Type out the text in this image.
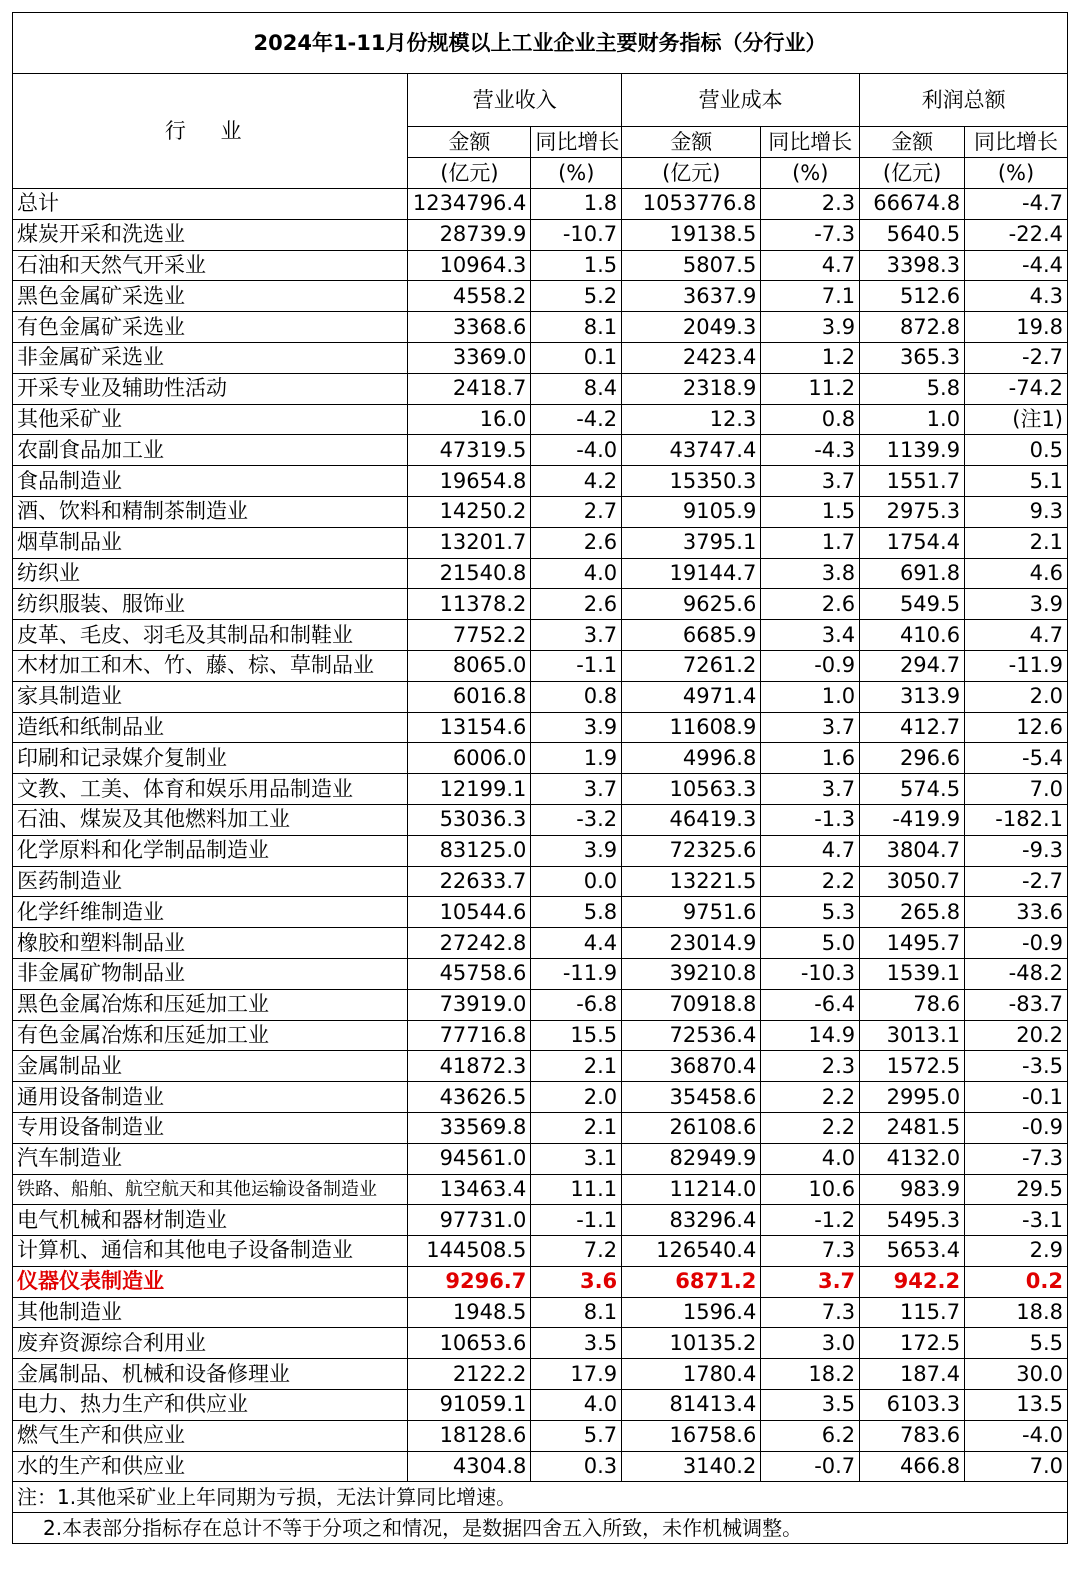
2024年1-11月份规模以上工业企业主要财务指标（分行业）						
行 业	营业收入		营业成本		利润总额	
	金额	同比增长	金额	同比增长	金额	同比增长
	(亿元)	(%)	(亿元)	(%)	(亿元)	(%)
总计	1234796.4	1.8	1053776.8	2.3	66674.8	-4.7
煤炭开采和洗选业	28739.9	-10.7	19138.5	-7.3	5640.5	-22.4
石油和天然气开采业	10964.3	1.5	5807.5	4.7	3398.3	-4.4
黑色金属矿采选业	4558.2	5.2	3637.9	7.1	512.6	4.3
有色金属矿采选业	3368.6	8.1	2049.3	3.9	872.8	19.8
非金属矿采选业	3369.0	0.1	2423.4	1.2	365.3	-2.7
开采专业及辅助性活动	2418.7	8.4	2318.9	11.2	5.8	-74.2
其他采矿业	16.0	-4.2	12.3	0.8	1.0	(注1)
农副食品加工业	47319.5	-4.0	43747.4	-4.3	1139.9	0.5
食品制造业	19654.8	4.2	15350.3	3.7	1551.7	5.1
酒、饮料和精制茶制造业	14250.2	2.7	9105.9	1.5	2975.3	9.3
烟草制品业	13201.7	2.6	3795.1	1.7	1754.4	2.1
纺织业	21540.8	4.0	19144.7	3.8	691.8	4.6
纺织服装、服饰业	11378.2	2.6	9625.6	2.6	549.5	3.9
皮革、毛皮、羽毛及其制品和制鞋业	7752.2	3.7	6685.9	3.4	410.6	4.7
木材加工和木、竹、藤、棕、草制品业	8065.0	-1.1	7261.2	-0.9	294.7	-11.9
家具制造业	6016.8	0.8	4971.4	1.0	313.9	2.0
造纸和纸制品业	13154.6	3.9	11608.9	3.7	412.7	12.6
印刷和记录媒介复制业	6006.0	1.9	4996.8	1.6	296.6	-5.4
文教、工美、体育和娱乐用品制造业	12199.1	3.7	10563.3	3.7	574.5	7.0
石油、煤炭及其他燃料加工业	53036.3	-3.2	46419.3	-1.3	-419.9	-182.1
化学原料和化学制品制造业	83125.0	3.9	72325.6	4.7	3804.7	-9.3
医药制造业	22633.7	0.0	13221.5	2.2	3050.7	-2.7
化学纤维制造业	10544.6	5.8	9751.6	5.3	265.8	33.6
橡胶和塑料制品业	27242.8	4.4	23014.9	5.0	1495.7	-0.9
非金属矿物制品业	45758.6	-11.9	39210.8	-10.3	1539.1	-48.2
黑色金属冶炼和压延加工业	73919.0	-6.8	70918.8	-6.4	78.6	-83.7
有色金属冶炼和压延加工业	77716.8	15.5	72536.4	14.9	3013.1	20.2
金属制品业	41872.3	2.1	36870.4	2.3	1572.5	-3.5
通用设备制造业	43626.5	2.0	35458.6	2.2	2995.0	-0.1
专用设备制造业	33569.8	2.1	26108.6	2.2	2481.5	-0.9
汽车制造业	94561.0	3.1	82949.9	4.0	4132.0	-7.3
铁路、船舶、航空航天和其他运输设备制造业	13463.4	11.1	11214.0	10.6	983.9	29.5
电气机械和器材制造业	97731.0	-1.1	83296.4	-1.2	5495.3	-3.1
计算机、通信和其他电子设备制造业	144508.5	7.2	126540.4	7.3	5653.4	2.9
仪器仪表制造业	9296.7	3.6	6871.2	3.7	942.2	0.2
其他制造业	1948.5	8.1	1596.4	7.3	115.7	18.8
废弃资源综合利用业	10653.6	3.5	10135.2	3.0	172.5	5.5
金属制品、机械和设备修理业	2122.2	17.9	1780.4	18.2	187.4	30.0
电力、热力生产和供应业	91059.1	4.0	81413.4	3.5	6103.3	13.5
燃气生产和供应业	18128.6	5.7	16758.6	6.2	783.6	-4.0
水的生产和供应业	4304.8	0.3	3140.2	-0.7	466.8	7.0
注：1.其他采矿业上年同期为亏损，无法计算同比增速。						
2.本表部分指标存在总计不等于分项之和情况，是数据四舍五入所致，未作机械调整。						
